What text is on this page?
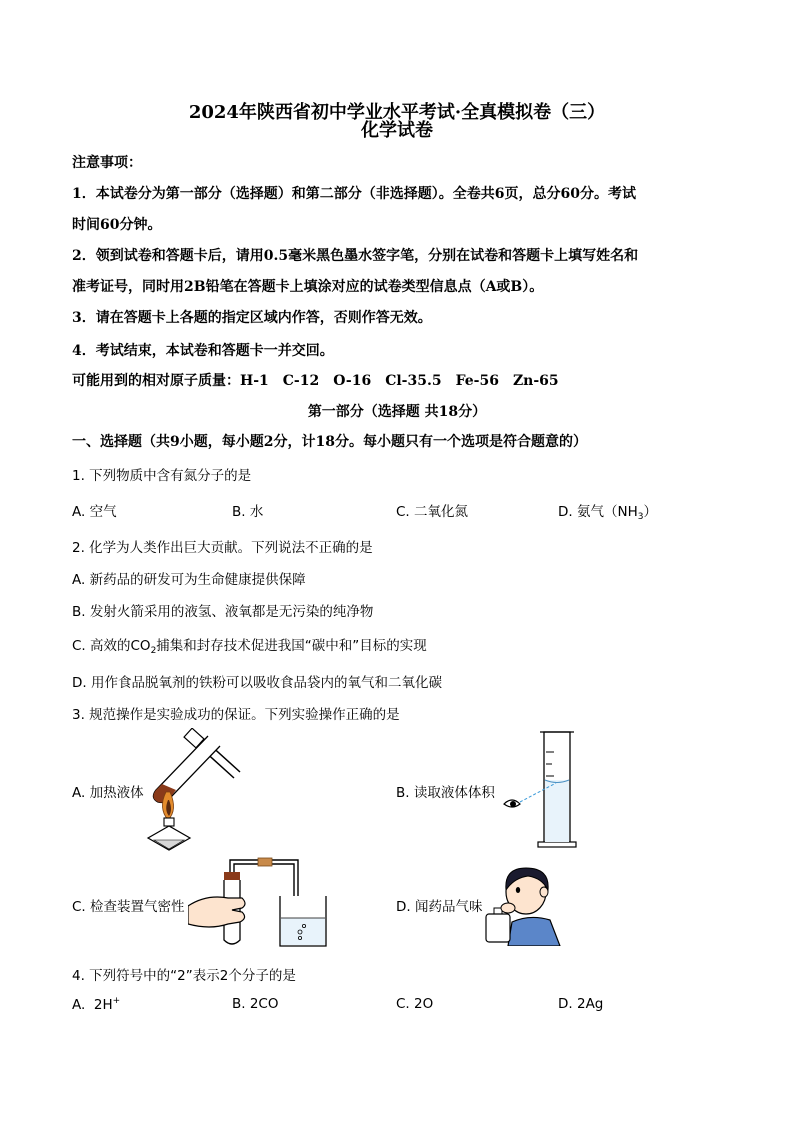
2024年陕西省初中学业水平考试·全真模拟卷（三）
化学试卷
注意事项：
1．本试卷分为第一部分（选择题）和第二部分（非选择题）。全卷共6页，总分60分。考试
时间60分钟。
2．领到试卷和答题卡后，请用0.5毫米黑色墨水签字笔，分别在试卷和答题卡上填写姓名和
准考证号，同时用2B铅笔在答题卡上填涂对应的试卷类型信息点（A或B）。
3．请在答题卡上各题的指定区域内作答，否则作答无效。
4．考试结束，本试卷和答题卡一并交回。
可能用到的相对原子质量：H-1　C-12　O-16　Cl-35.5　Fe-56　Zn-65
第一部分（选择题 共18分）
一、选择题（共9小题，每小题2分，计18分。每小题只有一个选项是符合题意的）
1. 下列物质中含有氮分子的是
A. 空气	B. 水	C. 二氧化氮	D. 氨气$(NH_3)$
2. 化学为人类作出巨大贡献。下列说法不正确的是
A. 新药品的研发可为生命健康提供保障
B. 发射火箭采用的液氢、液氧都是无污染的纯净物
C. 高效的$CO_2$捕集和封存技术促进我国“碳中和”目标的实现
D. 用作食品脱氧剂的铁粉可以吸收食品袋内的氧气和二氧化碳
3. 规范操作是实验成功的保证。下列实验操作正确的是
A. 加热液体	B. 读取液体体积
C. 检查装置气密性	D. 闻药品气味
4. 下列符号中的“2”表示2个分子的是
A. 2H+	B. 2CO	C. 2O	D. 2Ag
